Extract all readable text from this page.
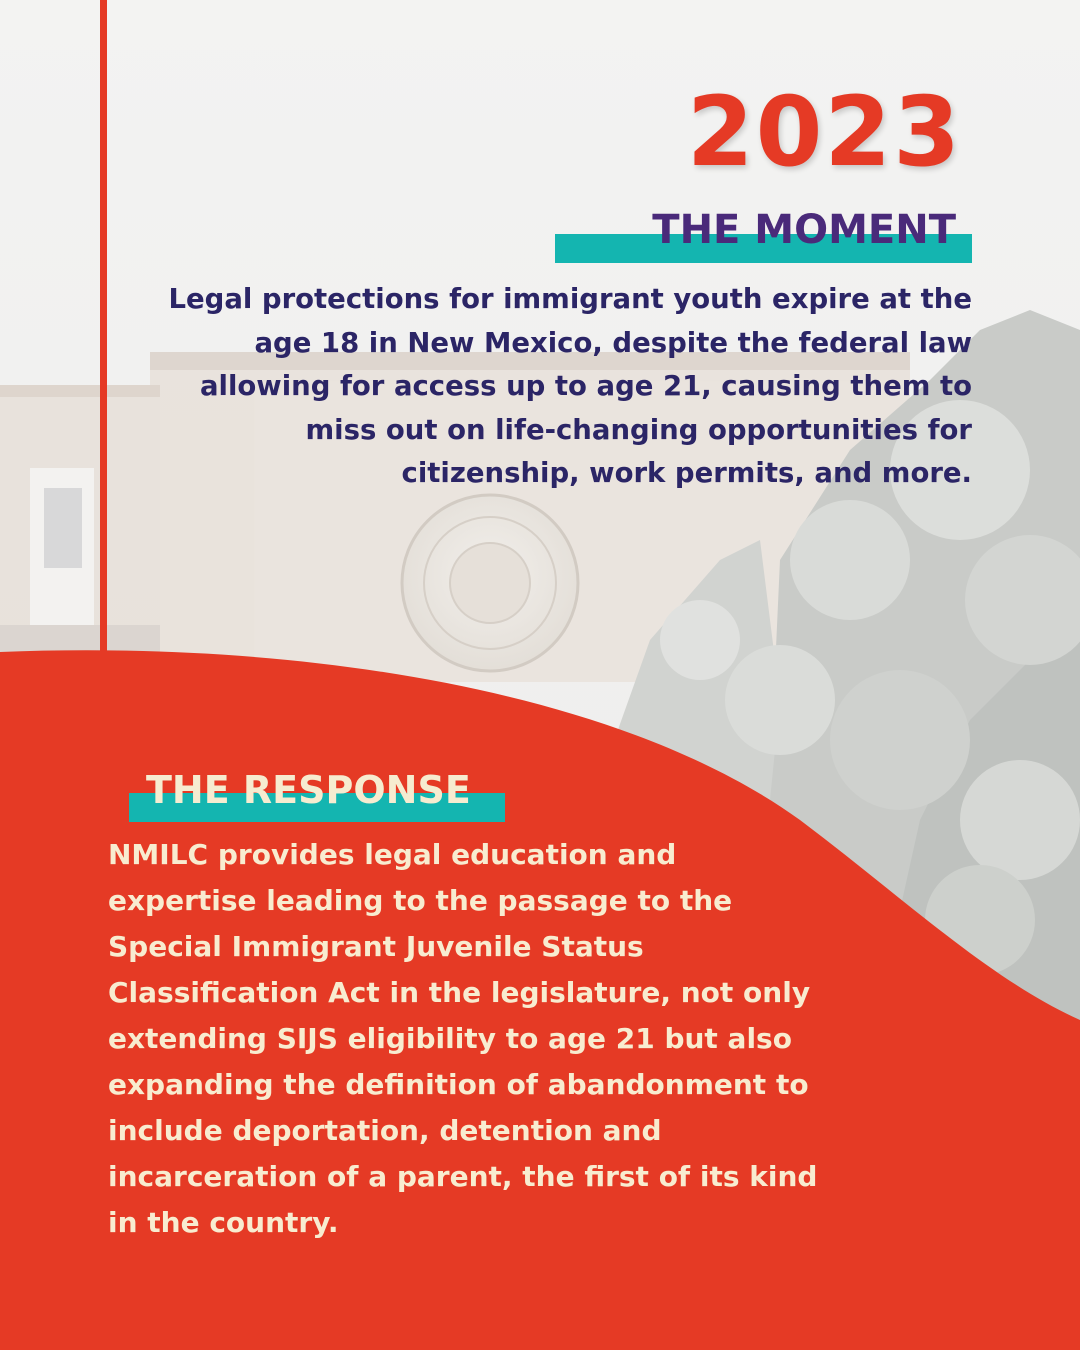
2023
THE MOMENT

Legal protections for immigrant youth expire at the age 18 in New Mexico, despite the federal law allowing for access up to age 21, causing them to miss out on life-changing opportunities for citizenship, work permits, and more.

THE RESPONSE

NMILC provides legal education and expertise leading to the passage to the Special Immigrant Juvenile Status Classification Act in the legislature, not only extending SIJS eligibility to age 21 but also expanding the definition of abandonment to include deportation, detention and incarceration of a parent, the first of its kind in the country.
